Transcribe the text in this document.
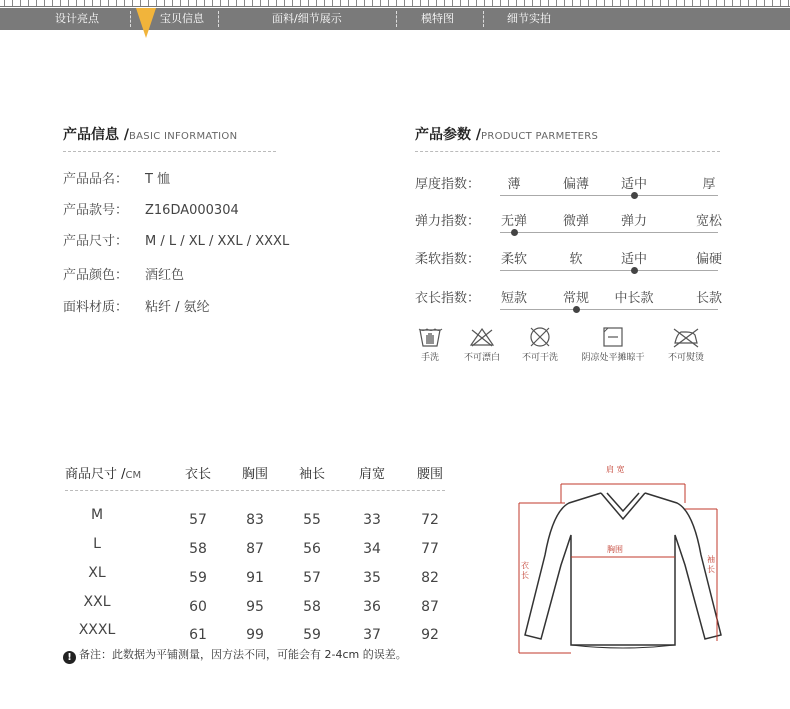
设计亮点	宝贝信息	面料/细节展示	模特图	细节实拍
产品信息 /BASIC INFORMATION
产品品名： T 恤
产品款号： Z16DA000304
产品尺寸： M / L / XL / XXL / XXXL
产品颜色： 酒红色
面料材质： 粘纤 / 氨纶
产品参数 /PRODUCT PARMETERS
厚度指数： 薄	偏薄 适中	厚
弹力指数： 无弹	微弹 弹力	宽松
柔软指数： 柔软	软	适中	偏硬
衣长指数： 短款	常规 中长款	长款
手洗	不可漂白	不可干洗	阴凉处平摊晾干	不可熨烫
商品尺寸 /CM	衣长 胸围 袖长	肩宽 腰围
M	57	83	55	33	72
L	58	87	56	34	77
XL	59	91	57	35	82
XXL	60	95	58	36	87
XXXL	61	99	59	37	92
! 备注：此数据为平铺测量，因方法不同，可能会有 2-4cm 的误差。
肩 宽
胸围
衣长
袖长
